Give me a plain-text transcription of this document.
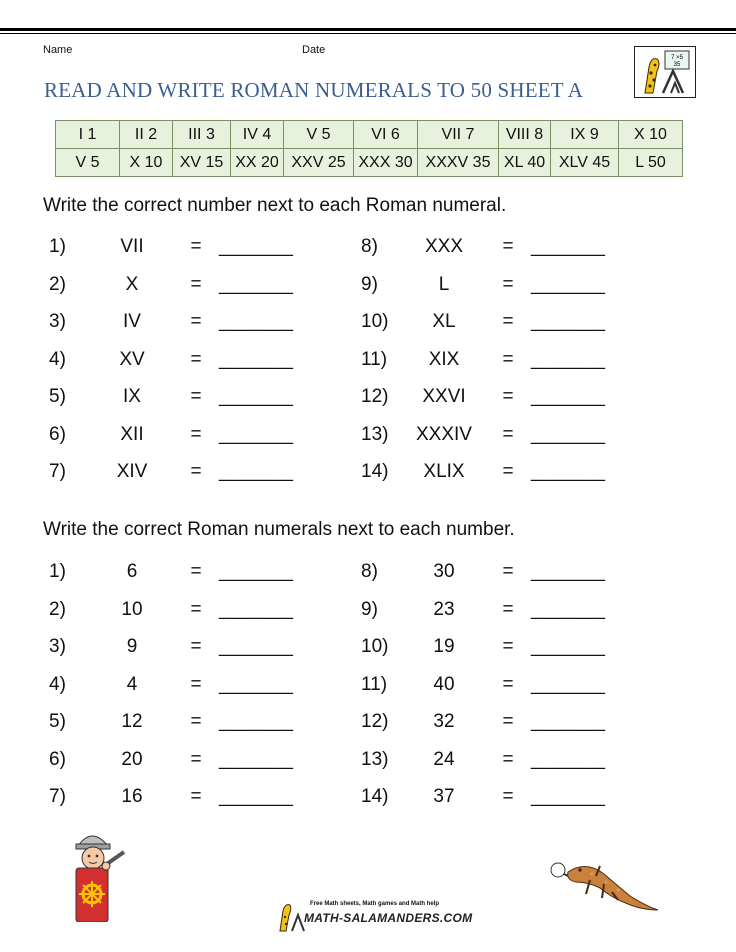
Name	Date
READ AND WRITE ROMAN NUMERALS TO 50 SHEET A
7 ×5
35
I 1	II 2	III 3	IV 4	V 5	VI 6	VII 7	VIII 8	IX 9	X 10
V 5	X 10	XV 15	XX 20	XXV 25	XXX 30	XXXV 35	XL 40	XLV 45	L 50
Write the correct number next to each Roman numeral.
Write the correct Roman numerals next to each number.
1)	VII	= _______
2)	X	= _______
3)	IV	= _______
4)	XV	= _______
5)	IX	= _______
6)	XII	= _______
7)	XIV	= _______
8)	XXX	= _______
9)	L	= _______
10)	XL	= _______
11)	XIX	= _______
12)	XXVI	= _______
13)	XXXIV	= _______
14)	XLIX	= _______
1)	6	= _______
2)	10	= _______
3)	9	= _______
4)	4	= _______
5)	12	= _______
6)	20	= _______
7)	16	= _______
8)	30	= _______
9)	23	= _______
10)	19	= _______
11)	40	= _______
12)	32	= _______
13)	24	= _______
14)	37	= _______
Free Math sheets, Math games and Math help
MATH-SALAMANDERS.COM
